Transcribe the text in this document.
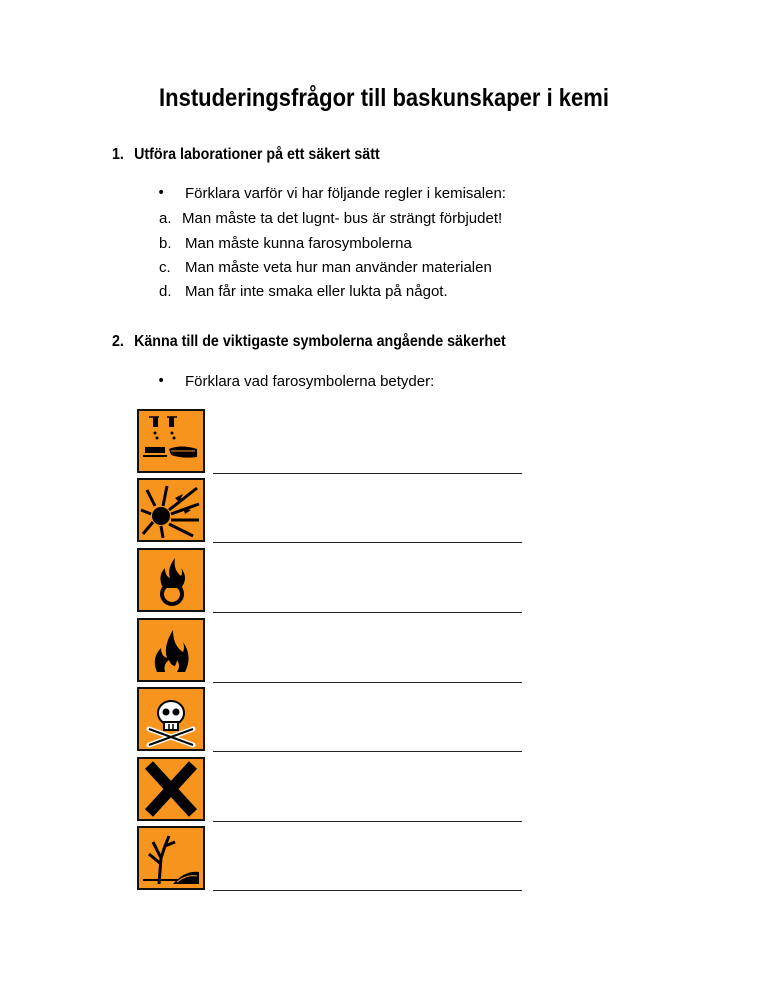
Instuderingsfrågor till baskunskaper i kemi
1. Utföra laborationer på ett säkert sätt
• Förklara varför vi har följande regler i kemisalen:
a. Man måste ta det lugnt- bus är strängt förbjudet!
b. Man måste kunna farosymbolerna
c. Man måste veta hur man använder materialen
d. Man får inte smaka eller lukta på något.
2. Känna till de viktigaste symbolerna angående säkerhet
• Förklara vad farosymbolerna betyder:
